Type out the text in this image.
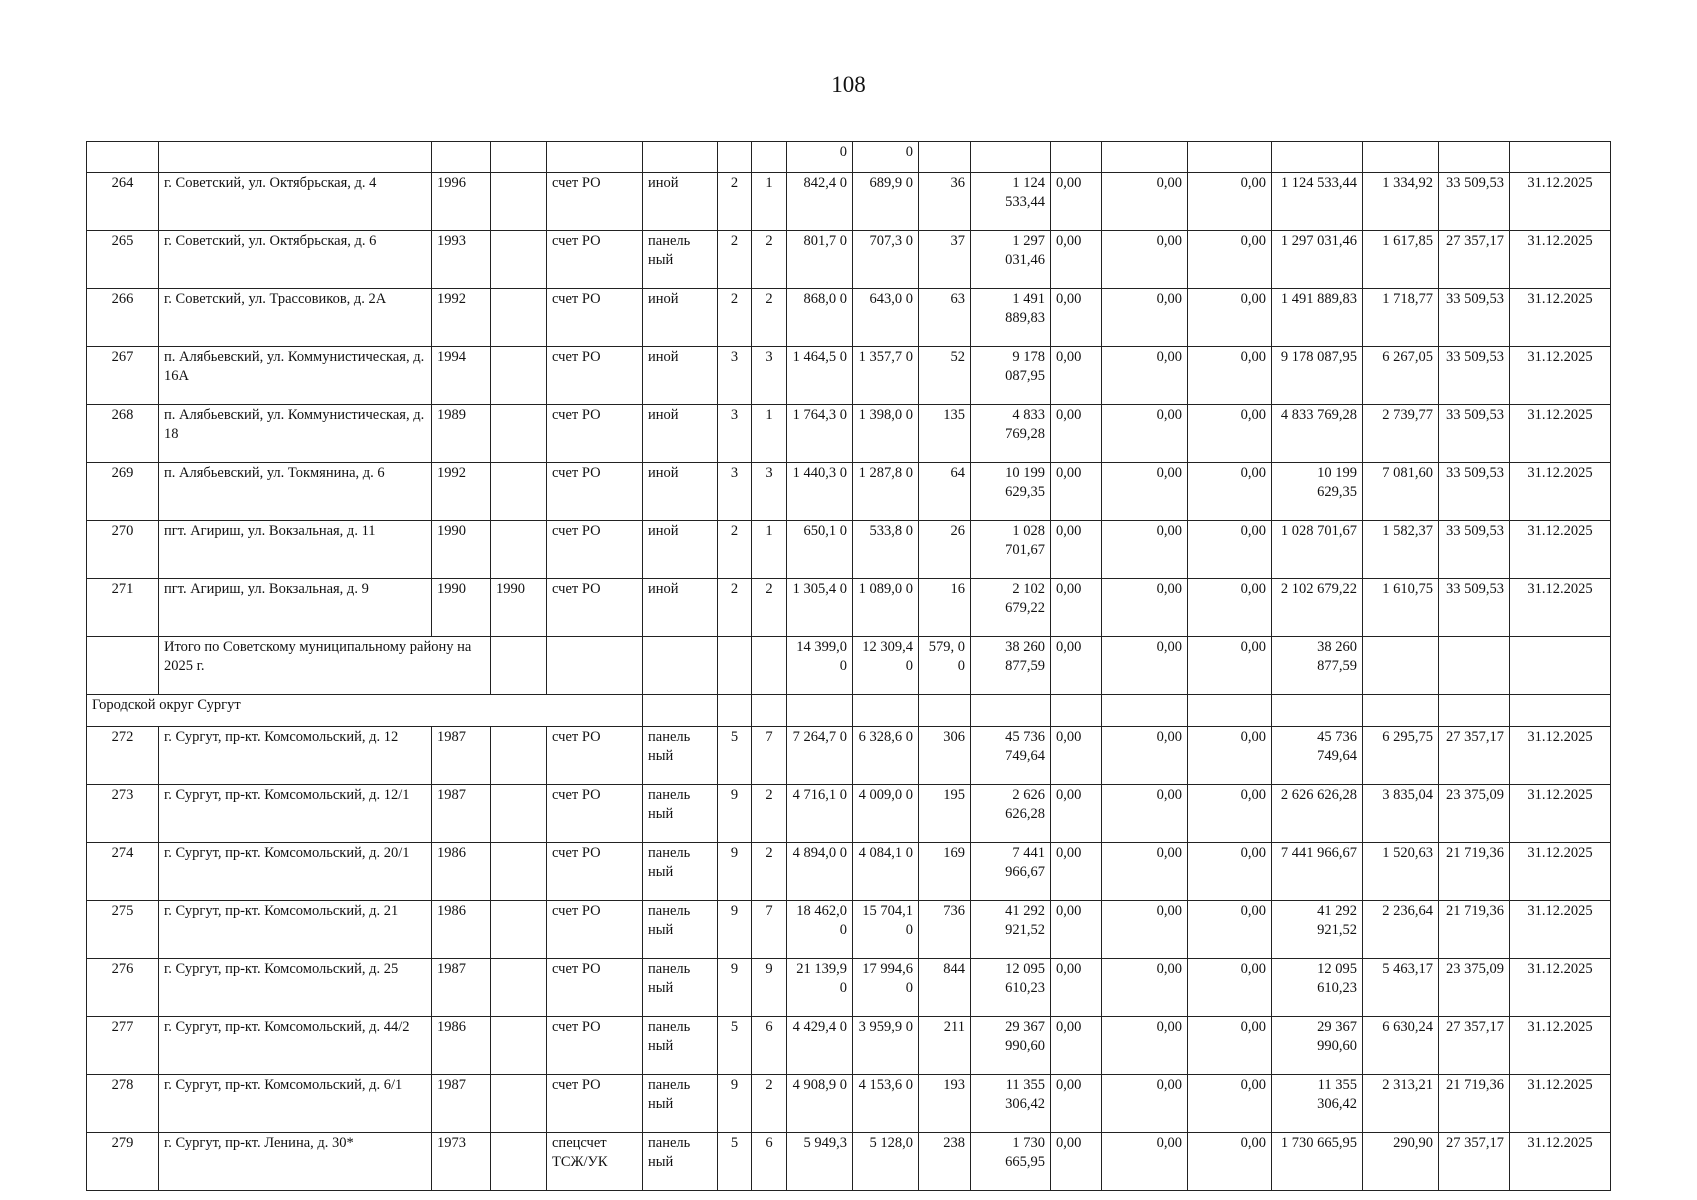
108
								0	0									
264	г. Советский, ул. Октябрьская, д. 4	1996		счет РО	иной	2	1	842,4 0	689,9 0	36	1 124 533,44	0,00	0,00	0,00	1 124 533,44	1 334,92	33 509,53	31.12.2025
265	г. Советский, ул. Октябрьская, д. 6	1993		счет РО	панель ный	2	2	801,7 0	707,3 0	37	1 297 031,46	0,00	0,00	0,00	1 297 031,46	1 617,85	27 357,17	31.12.2025
266	г. Советский, ул. Трассовиков, д. 2А	1992		счет РО	иной	2	2	868,0 0	643,0 0	63	1 491 889,83	0,00	0,00	0,00	1 491 889,83	1 718,77	33 509,53	31.12.2025
267	п. Алябьевский, ул. Коммунистическая, д. 16А	1994		счет РО	иной	3	3	1 464,5 0	1 357,7 0	52	9 178 087,95	0,00	0,00	0,00	9 178 087,95	6 267,05	33 509,53	31.12.2025
268	п. Алябьевский, ул. Коммунистическая, д. 18	1989		счет РО	иной	3	1	1 764,3 0	1 398,0 0	135	4 833 769,28	0,00	0,00	0,00	4 833 769,28	2 739,77	33 509,53	31.12.2025
269	п. Алябьевский, ул. Токмянина, д. 6	1992		счет РО	иной	3	3	1 440,3 0	1 287,8 0	64	10 199 629,35	0,00	0,00	0,00	10 199 629,35	7 081,60	33 509,53	31.12.2025
270	пгт. Агириш, ул. Вокзальная, д. 11	1990		счет РО	иной	2	1	650,1 0	533,8 0	26	1 028 701,67	0,00	0,00	0,00	1 028 701,67	1 582,37	33 509,53	31.12.2025
271	пгт. Агириш, ул. Вокзальная, д. 9	1990	1990	счет РО	иной	2	2	1 305,4 0	1 089,0 0	16	2 102 679,22	0,00	0,00	0,00	2 102 679,22	1 610,75	33 509,53	31.12.2025
	Итого по Советскому муниципальному району на 2025 г.							14 399,0 0	12 309,4 0	579, 00	38 260 877,59	0,00	0,00	0,00	38 260 877,59			
Городской округ Сургут																		
272	г. Сургут, пр-кт. Комсомольский, д. 12	1987		счет РО	панель ный	5	7	7 264,7 0	6 328,6 0	306	45 736 749,64	0,00	0,00	0,00	45 736 749,64	6 295,75	27 357,17	31.12.2025
273	г. Сургут, пр-кт. Комсомольский, д. 12/1	1987		счет РО	панель ный	9	2	4 716,1 0	4 009,0 0	195	2 626 626,28	0,00	0,00	0,00	2 626 626,28	3 835,04	23 375,09	31.12.2025
274	г. Сургут, пр-кт. Комсомольский, д. 20/1	1986		счет РО	панель ный	9	2	4 894,0 0	4 084,1 0	169	7 441 966,67	0,00	0,00	0,00	7 441 966,67	1 520,63	21 719,36	31.12.2025
275	г. Сургут, пр-кт. Комсомольский, д. 21	1986		счет РО	панель ный	9	7	18 462,0 0	15 704,1 0	736	41 292 921,52	0,00	0,00	0,00	41 292 921,52	2 236,64	21 719,36	31.12.2025
276	г. Сургут, пр-кт. Комсомольский, д. 25	1987		счет РО	панель ный	9	9	21 139,9 0	17 994,6 0	844	12 095 610,23	0,00	0,00	0,00	12 095 610,23	5 463,17	23 375,09	31.12.2025
277	г. Сургут, пр-кт. Комсомольский, д. 44/2	1986		счет РО	панель ный	5	6	4 429,4 0	3 959,9 0	211	29 367 990,60	0,00	0,00	0,00	29 367 990,60	6 630,24	27 357,17	31.12.2025
278	г. Сургут, пр-кт. Комсомольский, д. 6/1	1987		счет РО	панель ный	9	2	4 908,9 0	4 153,6 0	193	11 355 306,42	0,00	0,00	0,00	11 355 306,42	2 313,21	21 719,36	31.12.2025
279	г. Сургут, пр-кт. Ленина, д. 30*	1973		спецсчет ТСЖ/УК	панель ный	5	6	5 949,3	5 128,0	238	1 730 665,95	0,00	0,00	0,00	1 730 665,95	290,90	27 357,17	31.12.2025
